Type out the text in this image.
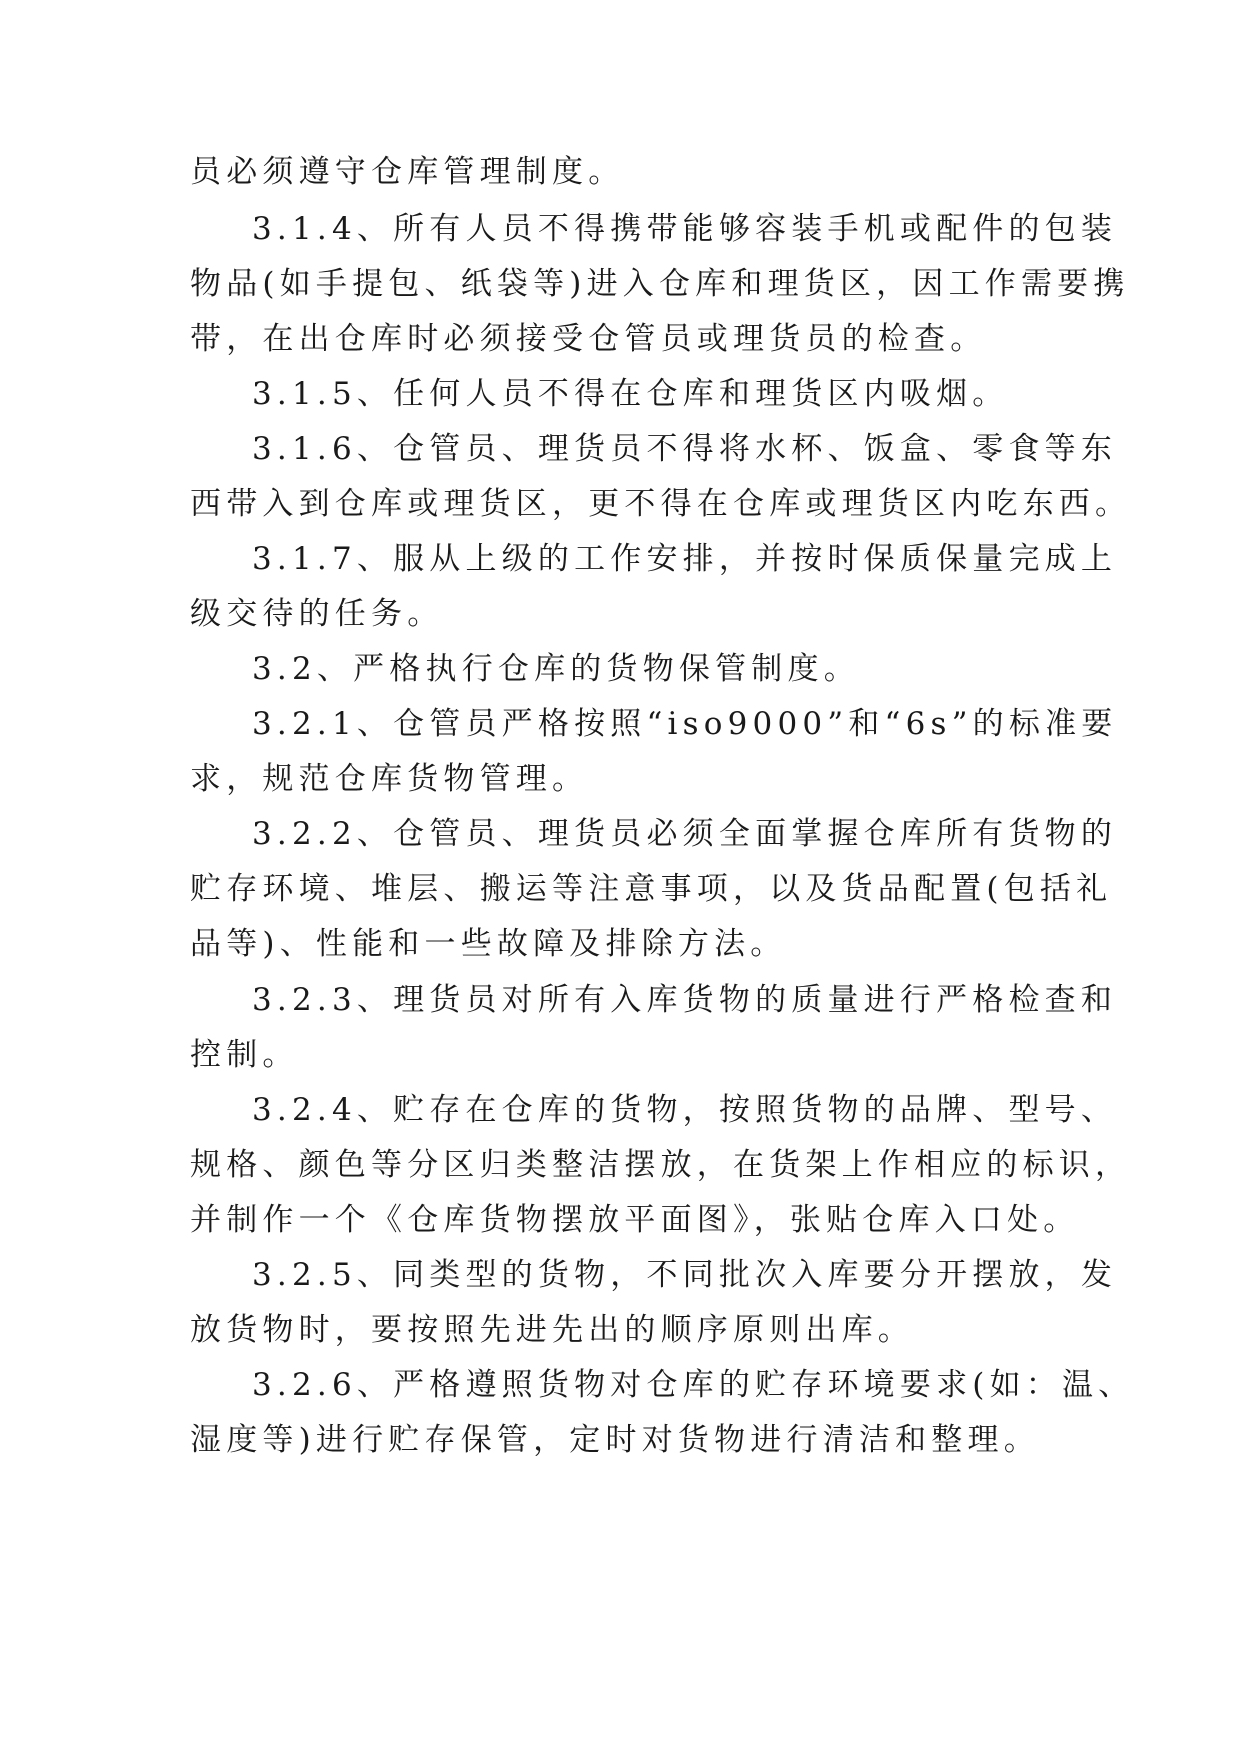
员必须遵守仓库管理制度。
3.1.4、所有人员不得携带能够容装手机或配件的包装
物品(如手提包、纸袋等)进入仓库和理货区，因工作需要携
带，在出仓库时必须接受仓管员或理货员的检查。
3.1.5、任何人员不得在仓库和理货区内吸烟。
3.1.6、仓管员、理货员不得将水杯、饭盒、零食等东
西带入到仓库或理货区，更不得在仓库或理货区内吃东西。
3.1.7、服从上级的工作安排，并按时保质保量完成上
级交待的任务。
3.2、严格执行仓库的货物保管制度。
3.2.1、仓管员严格按照“iso9000”和“6s”的标准要
求，规范仓库货物管理。
3.2.2、仓管员、理货员必须全面掌握仓库所有货物的
贮存环境、堆层、搬运等注意事项，以及货品配置(包括礼
品等)、性能和一些故障及排除方法。
3.2.3、理货员对所有入库货物的质量进行严格检查和
控制。
3.2.4、贮存在仓库的货物，按照货物的品牌、型号、
规格、颜色等分区归类整洁摆放，在货架上作相应的标识，
并制作一个《仓库货物摆放平面图》，张贴仓库入口处。
3.2.5、同类型的货物，不同批次入库要分开摆放，发
放货物时，要按照先进先出的顺序原则出库。
3.2.6、严格遵照货物对仓库的贮存环境要求(如：温、
湿度等)进行贮存保管，定时对货物进行清洁和整理。
